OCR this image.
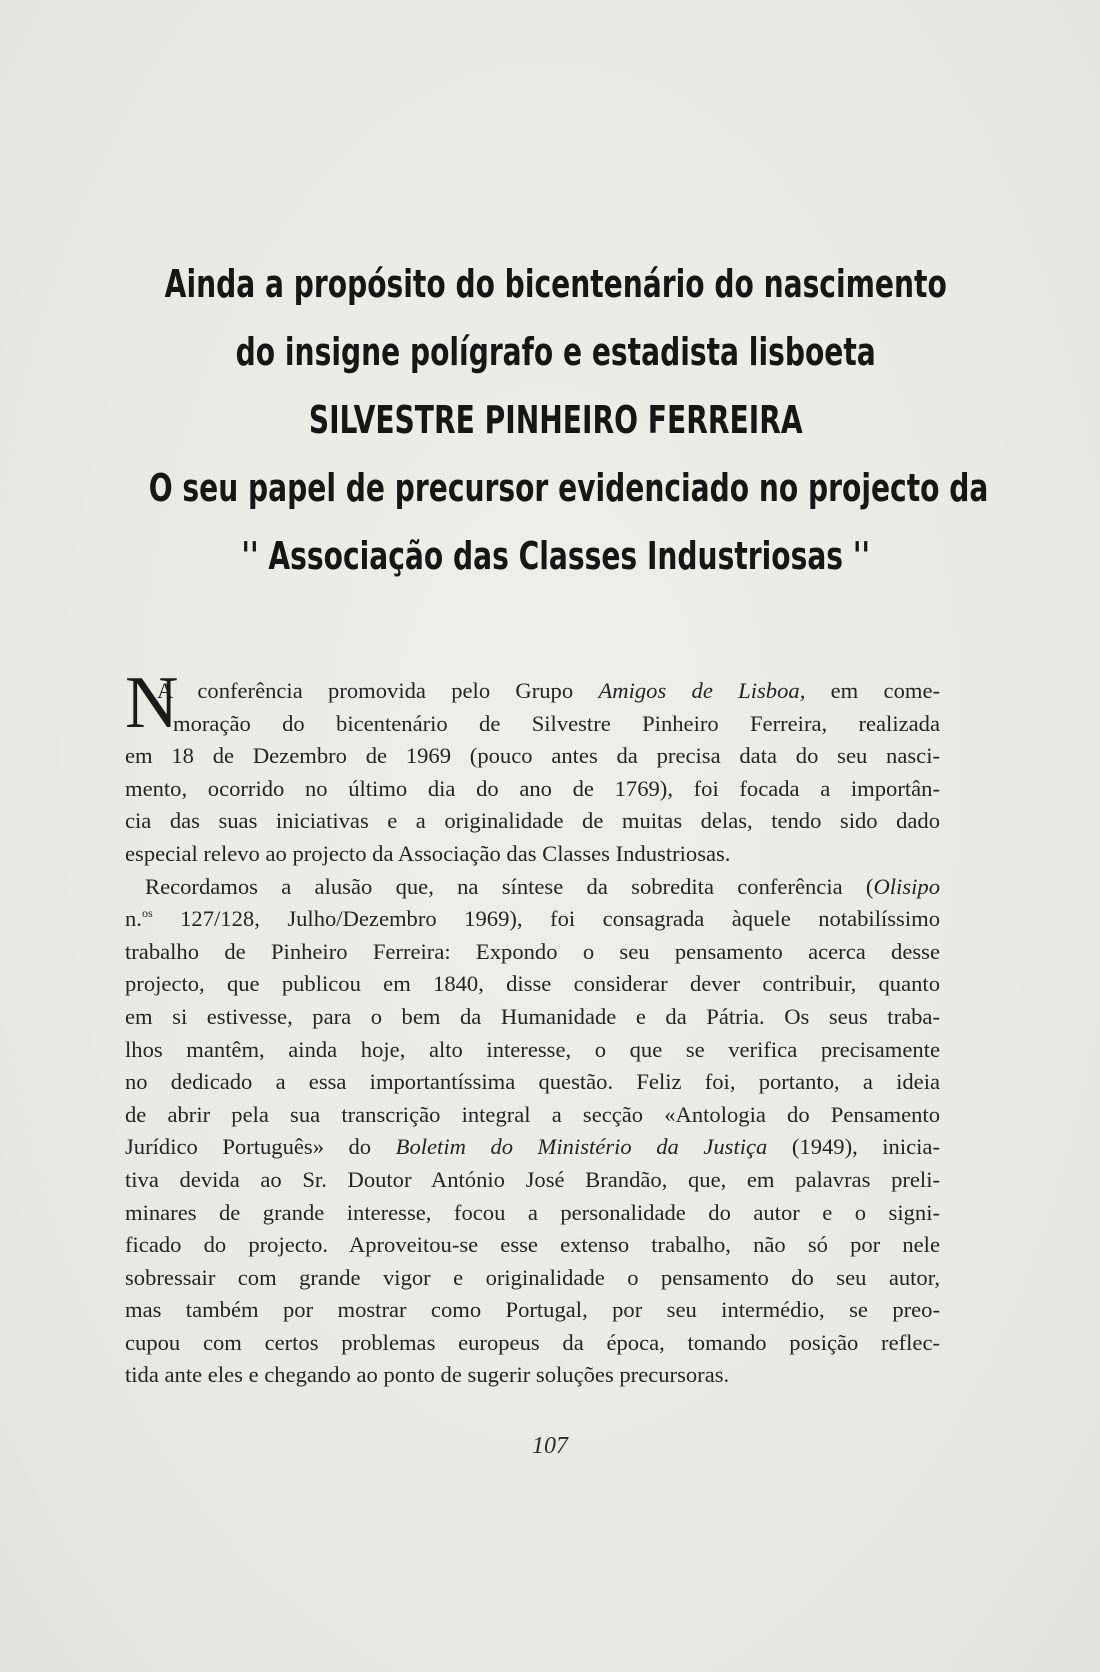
Ainda a propósito do bicentenário do nascimento
do insigne polígrafo e estadista lisboeta
SILVESTRE PINHEIRO FERREIRA
O seu papel de precursor evidenciado no projecto da
'' Associação das Classes Industriosas ''
N
A conferência promovida pelo Grupo Amigos de Lisboa, em come-
moração do bicentenário de Silvestre Pinheiro Ferreira, realizada
em 18 de Dezembro de 1969 (pouco antes da precisa data do seu nasci-
mento, ocorrido no último dia do ano de 1769), foi focada a importân-
cia das suas iniciativas e a originalidade de muitas delas, tendo sido dado
especial relevo ao projecto da Associação das Classes Industriosas.
Recordamos a alusão que, na síntese da sobredita conferência (Olisipo
n.$^{os}$ 127/128, Julho/Dezembro 1969), foi consagrada àquele notabilíssimo
trabalho de Pinheiro Ferreira: Expondo o seu pensamento acerca desse
projecto, que publicou em 1840, disse considerar dever contribuir, quanto
em si estivesse, para o bem da Humanidade e da Pátria. Os seus traba-
lhos mantêm, ainda hoje, alto interesse, o que se verifica precisamente
no dedicado a essa importantíssima questão. Feliz foi, portanto, a ideia
de abrir pela sua transcrição integral a secção «Antologia do Pensamento
Jurídico Português» do Boletim do Ministério da Justiça (1949), inicia-
tiva devida ao Sr. Doutor António José Brandão, que, em palavras preli-
minares de grande interesse, focou a personalidade do autor e o signi-
ficado do projecto. Aproveitou-se esse extenso trabalho, não só por nele
sobressair com grande vigor e originalidade o pensamento do seu autor,
mas também por mostrar como Portugal, por seu intermédio, se preo-
cupou com certos problemas europeus da época, tomando posição reflec-
tida ante eles e chegando ao ponto de sugerir soluções precursoras.
107
